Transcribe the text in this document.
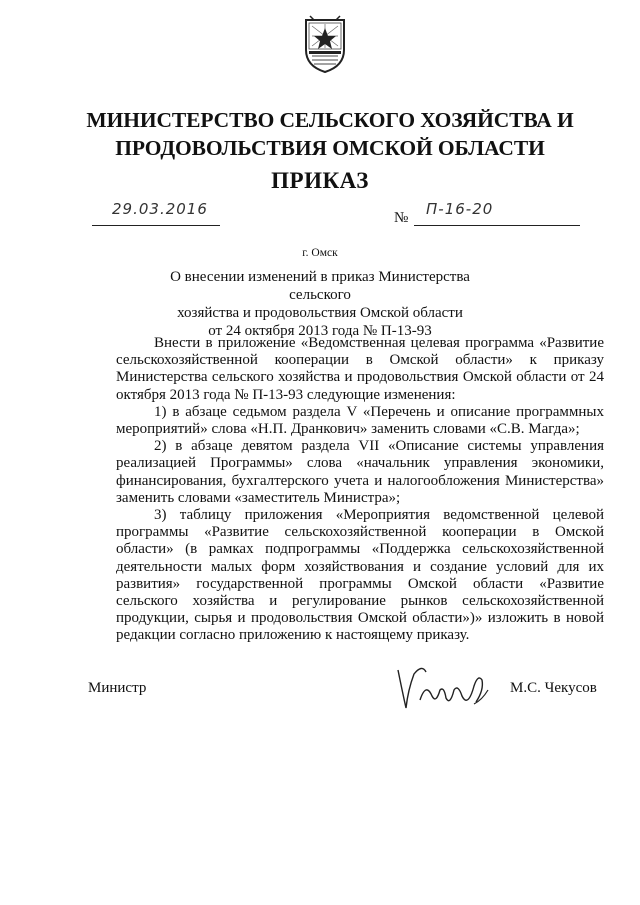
МИНИСТЕРСТВО СЕЛЬСКОГО ХОЗЯЙСТВА И
ПРОДОВОЛЬСТВИЯ ОМСКОЙ ОБЛАСТИ
ПРИКАЗ
29.03.2016	№ П-16-20
г. Омск
О внесении изменений в приказ Министерства сельского
хозяйства и продовольствия Омской области
от 24 октября 2013 года № П-13-93

Внести в приложение «Ведомственная целевая программа «Развитие сельскохозяйственной кооперации в Омской области» к приказу Министерства сельского хозяйства и продовольствия Омской области от 24 октября 2013 года № П-13-93 следующие изменения:

1) в абзаце седьмом раздела V «Перечень и описание программных мероприятий» слова «Н.П. Дранкович» заменить словами «С.В. Магда»;

2) в абзаце девятом раздела VII «Описание системы управления реализацией Программы» слова «начальник управления экономики, финансирования, бухгалтерского учета и налогообложения Министерства» заменить словами «заместитель Министра»;

3) таблицу приложения «Мероприятия ведомственной целевой программы «Развитие сельскохозяйственной кооперации в Омской области» (в рамках подпрограммы «Поддержка сельскохозяйственной деятельности малых форм хозяйствования и создание условий для их развития» государственной программы Омской области «Развитие сельского хозяйства и регулирование рынков сельскохозяйственной продукции, сырья и продовольствия Омской области»)» изложить в новой редакции согласно приложению к настоящему приказу.

Министр	М.С. Чекусов
